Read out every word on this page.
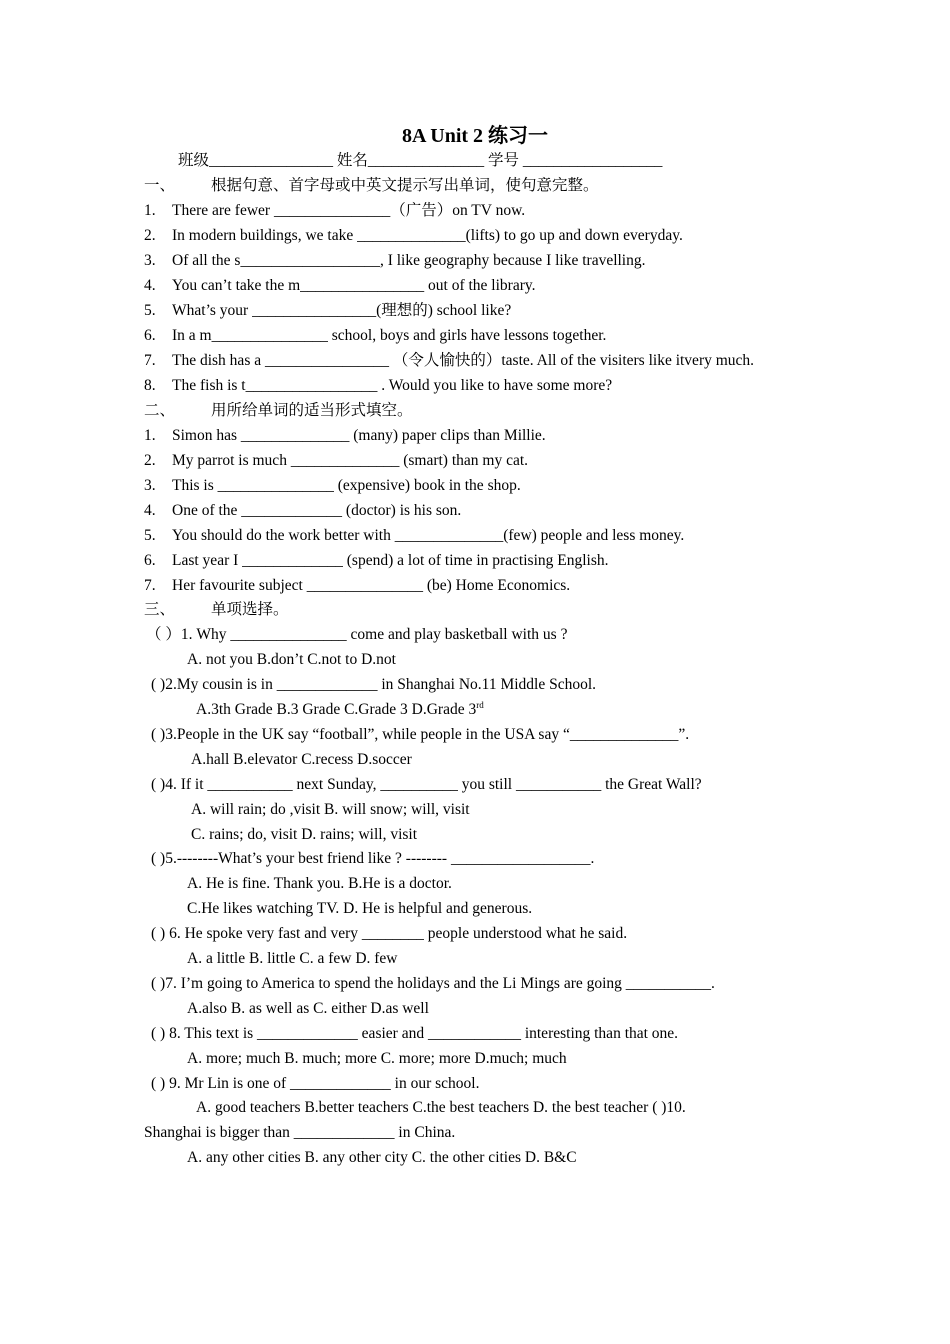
8A Unit 2 练习一
班级________________ 姓名_______________ 学号 __________________
一、 根据句意、首字母或中英文提示写出单词，使句意完整。
1. There are fewer _______________（广告）on TV now.
2. In modern buildings, we take ______________(lifts) to go up and down everyday.
3. Of all the s__________________, I like geography because I like travelling.
4. You can’t take the m________________ out of the library.
5. What’s your ________________(理想的) school like?
6. In a m_______________ school, boys and girls have lessons together.
7. The dish has a ________________ （令人愉快的）taste. All of the visiters like itvery much.
8. The fish is t_________________ . Would you like to have some more?
二、 用所给单词的适当形式填空。
1. Simon has ______________ (many) paper clips than Millie.
2. My parrot is much ______________ (smart) than my cat.
3. This is _______________ (expensive) book in the shop.
4. One of the _____________ (doctor) is his son.
5. You should do the work better with ______________(few) people and less money.
6. Last year I _____________ (spend) a lot of time in practising English.
7. Her favourite subject _______________ (be) Home Economics.
三、 单项选择。
（ ）1. Why _______________ come and play basketball with us ?
A. not you B.don’t C.not to D.not
( )2.My cousin is in _____________ in Shanghai No.11 Middle School.
A.3th Grade B.3 Grade C.Grade 3 D.Grade 3rd
( )3.People in the UK say “football”, while people in the USA say “______________”.
A.hall B.elevator C.recess D.soccer
( )4. If it ___________ next Sunday, __________ you still ___________ the Great Wall?
A. will rain; do ,visit B. will snow; will, visit
C. rains; do, visit D. rains; will, visit
( )5.--------What’s your best friend like ? -------- __________________.
A. He is fine. Thank you. B.He is a doctor.
C.He likes watching TV. D. He is helpful and generous.
( ) 6. He spoke very fast and very ________ people understood what he said.
A. a little B. little C. a few D. few
( )7. I’m going to America to spend the holidays and the Li Mings are going ___________.
A.also B. as well as C. either D.as well
( ) 8. This text is _____________ easier and ____________ interesting than that one.
A. more; much B. much; more C. more; more D.much; much
( ) 9. Mr Lin is one of _____________ in our school.
A. good teachers B.better teachers C.the best teachers D. the best teacher ( )10.
Shanghai is bigger than _____________ in China.
A. any other cities B. any other city C. the other cities D. B&C
